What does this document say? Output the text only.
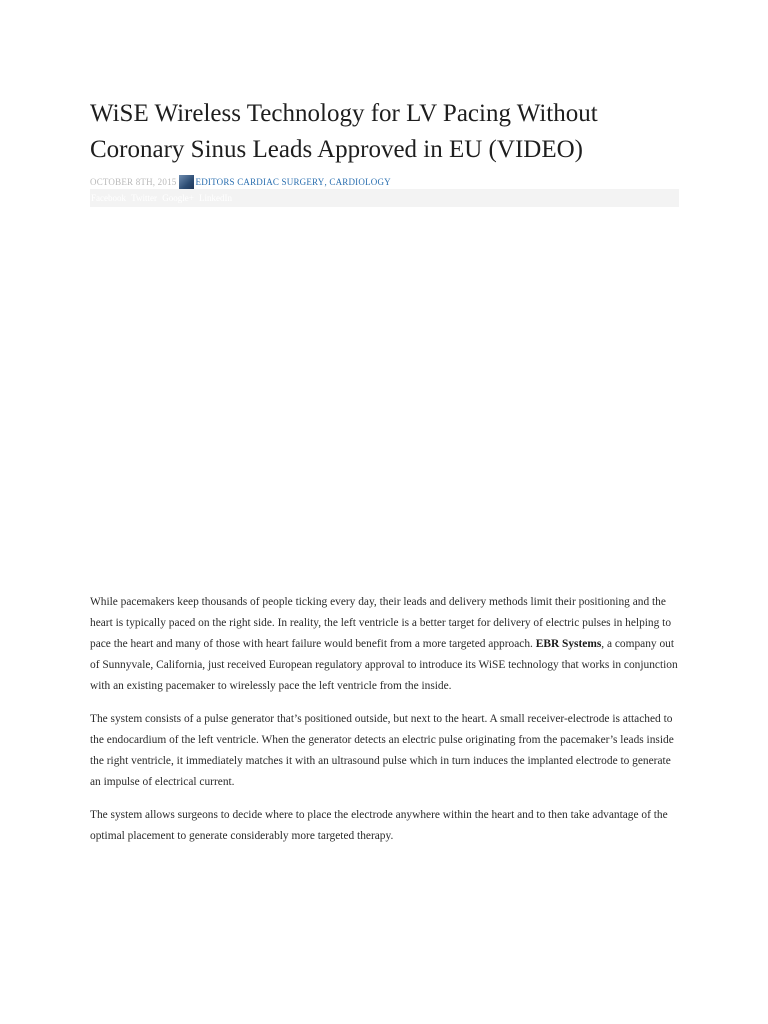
WiSE Wireless Technology for LV Pacing Without Coronary Sinus Leads Approved in EU (VIDEO)
OCTOBER 8TH, 2015 EDITORS
CARDIAC SURGERY ,
CARDIOLOGY
Facebook Twitter Google+ LinkedIn

While pacemakers keep thousands of people ticking every day, their leads and delivery methods limit their positioning and the heart is typically paced on the right side. In reality, the left ventricle is a better target for delivery of electric pulses in helping to pace the heart and many of those with heart failure would benefit from a more targeted approach. EBR Systems, a company out of Sunnyvale, California, just received European regulatory approval to introduce its WiSE technology that works in conjunction with an existing pacemaker to wirelessly pace the left ventricle from the inside.

The system consists of a pulse generator that’s positioned outside, but next to the heart. A small receiver-electrode is attached to the endocardium of the left ventricle. When the generator detects an electric pulse originating from the pacemaker’s leads inside the right ventricle, it immediately matches it with an ultrasound pulse which in turn induces the implanted electrode to generate an impulse of electrical current.

The system allows surgeons to decide where to place the electrode anywhere within the heart and to then take advantage of the optimal placement to generate considerably more targeted therapy.
